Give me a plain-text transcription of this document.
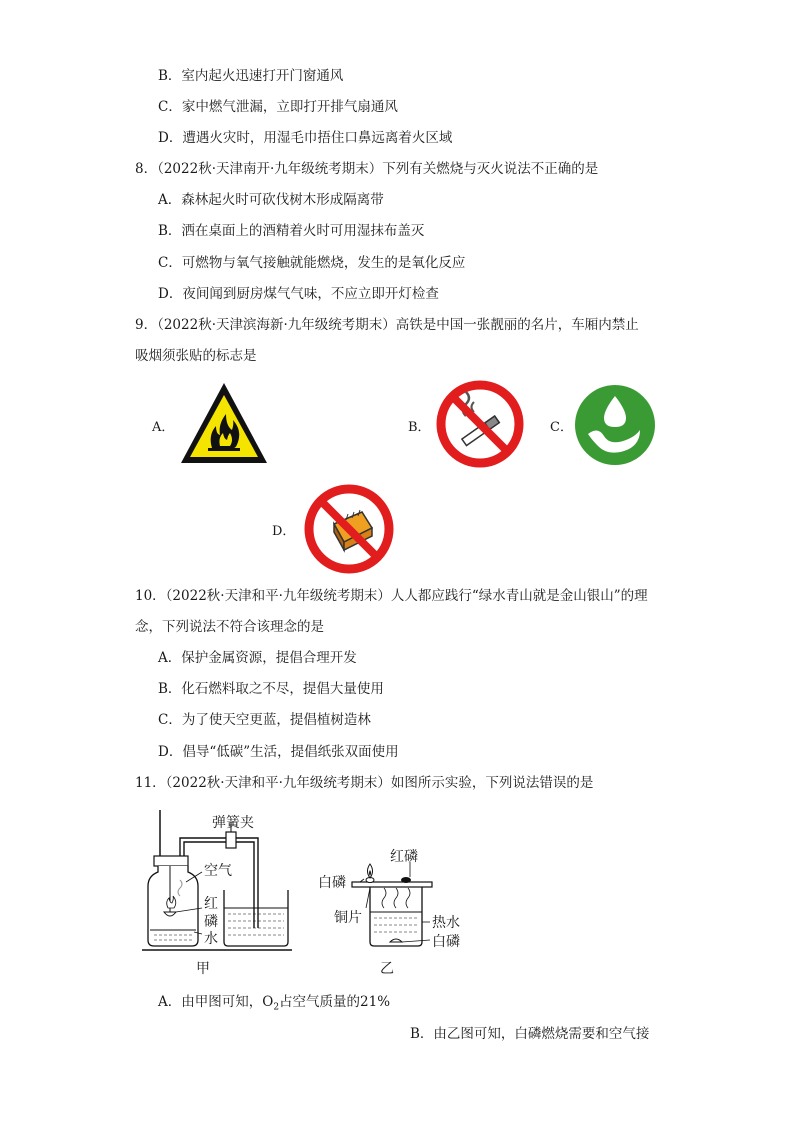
B．室内起火迅速打开门窗通风
C．家中燃气泄漏，立即打开排气扇通风
D．遭遇火灾时，用湿毛巾捂住口鼻远离着火区域
8．（2022秋·天津南开·九年级统考期末）下列有关燃烧与灭火说法不正确的是
A．森林起火时可砍伐树木形成隔离带
B．洒在桌面上的酒精着火时可用湿抹布盖灭
C．可燃物与氧气接触就能燃烧，发生的是氧化反应
D．夜间闻到厨房煤气气味，不应立即开灯检查
9．（2022秋·天津滨海新·九年级统考期末）高铁是中国一张靓丽的名片，车厢内禁止
吸烟须张贴的标志是
A．	B．	C．
D．
10．（2022秋·天津和平·九年级统考期末）人人都应践行“绿水青山就是金山银山”的理
念，下列说法不符合该理念的是
A．保护金属资源，提倡合理开发
B．化石燃料取之不尽，提倡大量使用
C．为了使天空更蓝，提倡植树造林
D．倡导“低碳”生活，提倡纸张双面使用
11．（2022秋·天津和平·九年级统考期末）如图所示实验，下列说法错误的是
弹簧夹
空气
红
磷
水
甲
红磷
白磷
铜片	热水
白磷
乙
A．由甲图可知，$O_2$占空气质量的21%
B．由乙图可知，白磷燃烧需要和空气接
